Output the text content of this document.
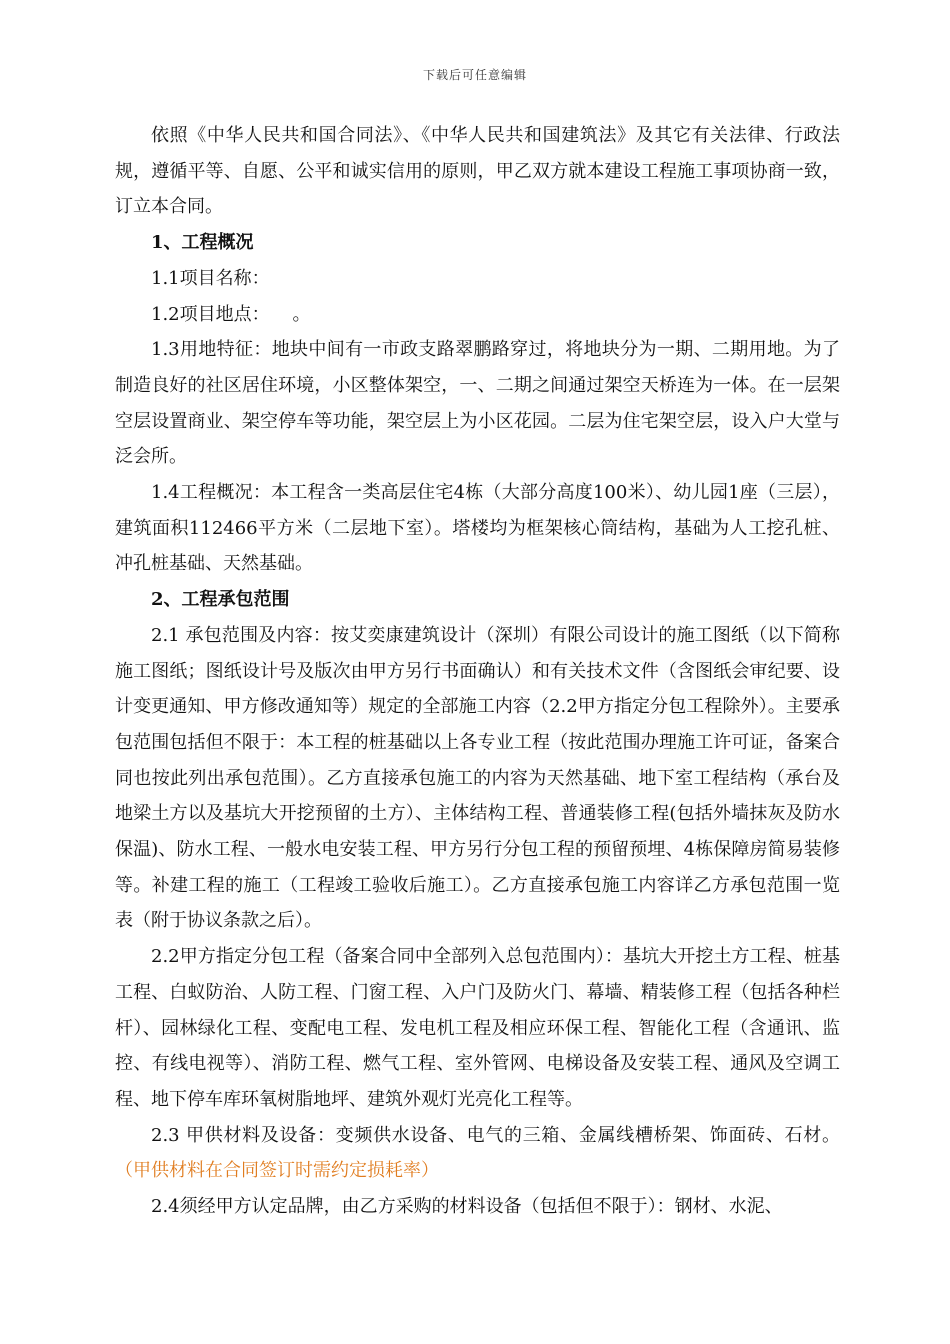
下载后可任意编辑

依照《中华人民共和国合同法》、《中华人民共和国建筑法》及其它有关法律、行政法规，遵循平等、自愿、公平和诚实信用的原则，甲乙双方就本建设工程施工事项协商一致，订立本合同。

1、工程概况

1.1项目名称：

1.2项目地点：    。

1.3用地特征：地块中间有一市政支路翠鹏路穿过，将地块分为一期、二期用地。为了制造良好的社区居住环境，小区整体架空，一、二期之间通过架空天桥连为一体。在一层架空层设置商业、架空停车等功能，架空层上为小区花园。二层为住宅架空层，设入户大堂与泛会所。

1.4工程概况：本工程含一类高层住宅4栋（大部分高度100米）、幼儿园1座（三层），建筑面积112466平方米（二层地下室）。塔楼均为框架核心筒结构，基础为人工挖孔桩、冲孔桩基础、天然基础。

2、工程承包范围

2.1 承包范围及内容：按艾奕康建筑设计（深圳）有限公司设计的施工图纸（以下简称施工图纸；图纸设计号及版次由甲方另行书面确认）和有关技术文件（含图纸会审纪要、设计变更通知、甲方修改通知等）规定的全部施工内容（2.2甲方指定分包工程除外）。主要承包范围包括但不限于：本工程的桩基础以上各专业工程（按此范围办理施工许可证，备案合同也按此列出承包范围）。乙方直接承包施工的内容为天然基础、地下室工程结构（承台及地梁土方以及基坑大开挖预留的土方）、主体结构工程、普通装修工程(包括外墙抹灰及防水保温)、防水工程、一般水电安装工程、甲方另行分包工程的预留预埋、4栋保障房简易装修等。补建工程的施工（工程竣工验收后施工）。乙方直接承包施工内容详乙方承包范围一览表（附于协议条款之后）。

2.2甲方指定分包工程（备案合同中全部列入总包范围内）：基坑大开挖土方工程、桩基工程、白蚁防治、人防工程、门窗工程、入户门及防火门、幕墙、精装修工程（包括各种栏杆）、园林绿化工程、变配电工程、发电机工程及相应环保工程、智能化工程（含通讯、监控、有线电视等）、消防工程、燃气工程、室外管网、电梯设备及安装工程、通风及空调工程、地下停车库环氧树脂地坪、建筑外观灯光亮化工程等。

2.3 甲供材料及设备：变频供水设备、电气的三箱、金属线槽桥架、饰面砖、石材。（甲供材料在合同签订时需约定损耗率）

2.4须经甲方认定品牌，由乙方采购的材料设备（包括但不限于）：钢材、水泥、
